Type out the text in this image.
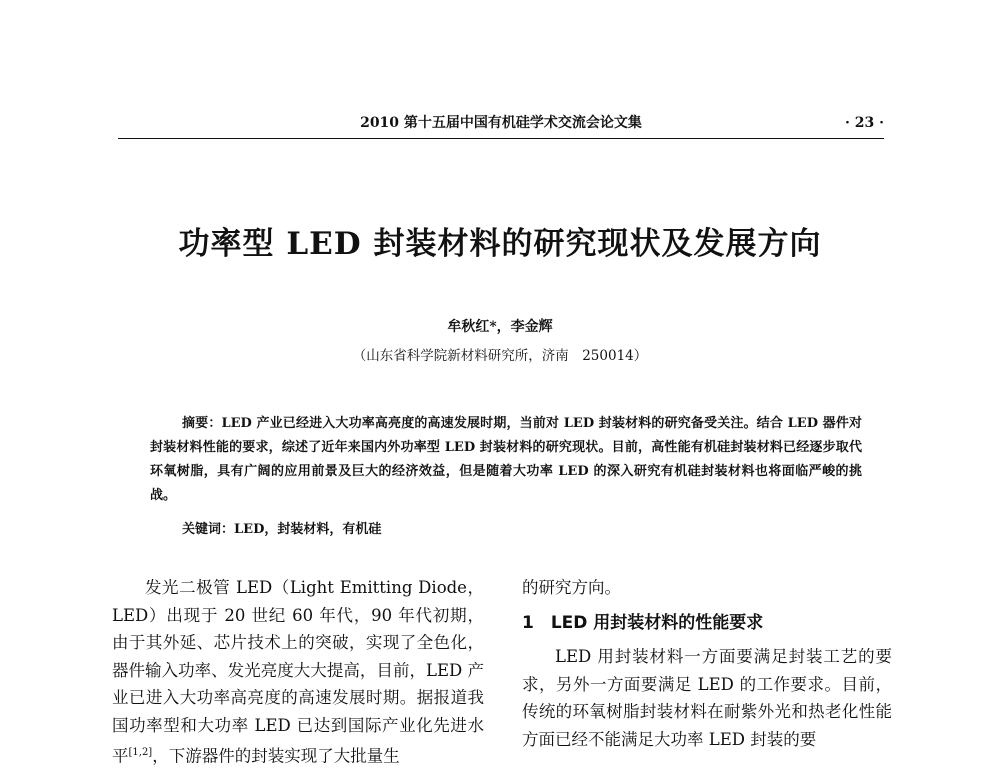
2010 第十五届中国有机硅学术交流会论文集	· 23 ·
功率型 LED 封装材料的研究现状及发展方向
牟秋红*，李金辉
（山东省科学院新材料研究所，济南　250014）
摘要：LED 产业已经进入大功率高亮度的高速发展时期，当前对 LED 封装材料的研究备受关注。结合 LED 器件对封装材料性能的要求，综述了近年来国内外功率型 LED 封装材料的研究现状。目前，高性能有机硅封装材料已经逐步取代环氧树脂，具有广阔的应用前景及巨大的经济效益，但是随着大功率 LED 的深入研究有机硅封装材料也将面临严峻的挑战。
关键词：LED，封装材料，有机硅

发光二极管 LED（Light Emitting Diode，LED）出现于 20 世纪 60 年代，90 年代初期，由于其外延、芯片技术上的突破，实现了全色化，器件输入功率、发光亮度大大提高，目前，LED 产业已进入大功率高亮度的高速发展时期。据报道我国功率型和大功率 LED 已达到国际产业化先进水平[1,2]，下游器件的封装实现了大批量生

的研究方向。

1　LED 用封装材料的性能要求

LED 用封装材料一方面要满足封装工艺的要求，另外一方面要满足 LED 的工作要求。目前，传统的环氧树脂封装材料在耐紫外光和热老化性能方面已经不能满足大功率 LED 封装的要
